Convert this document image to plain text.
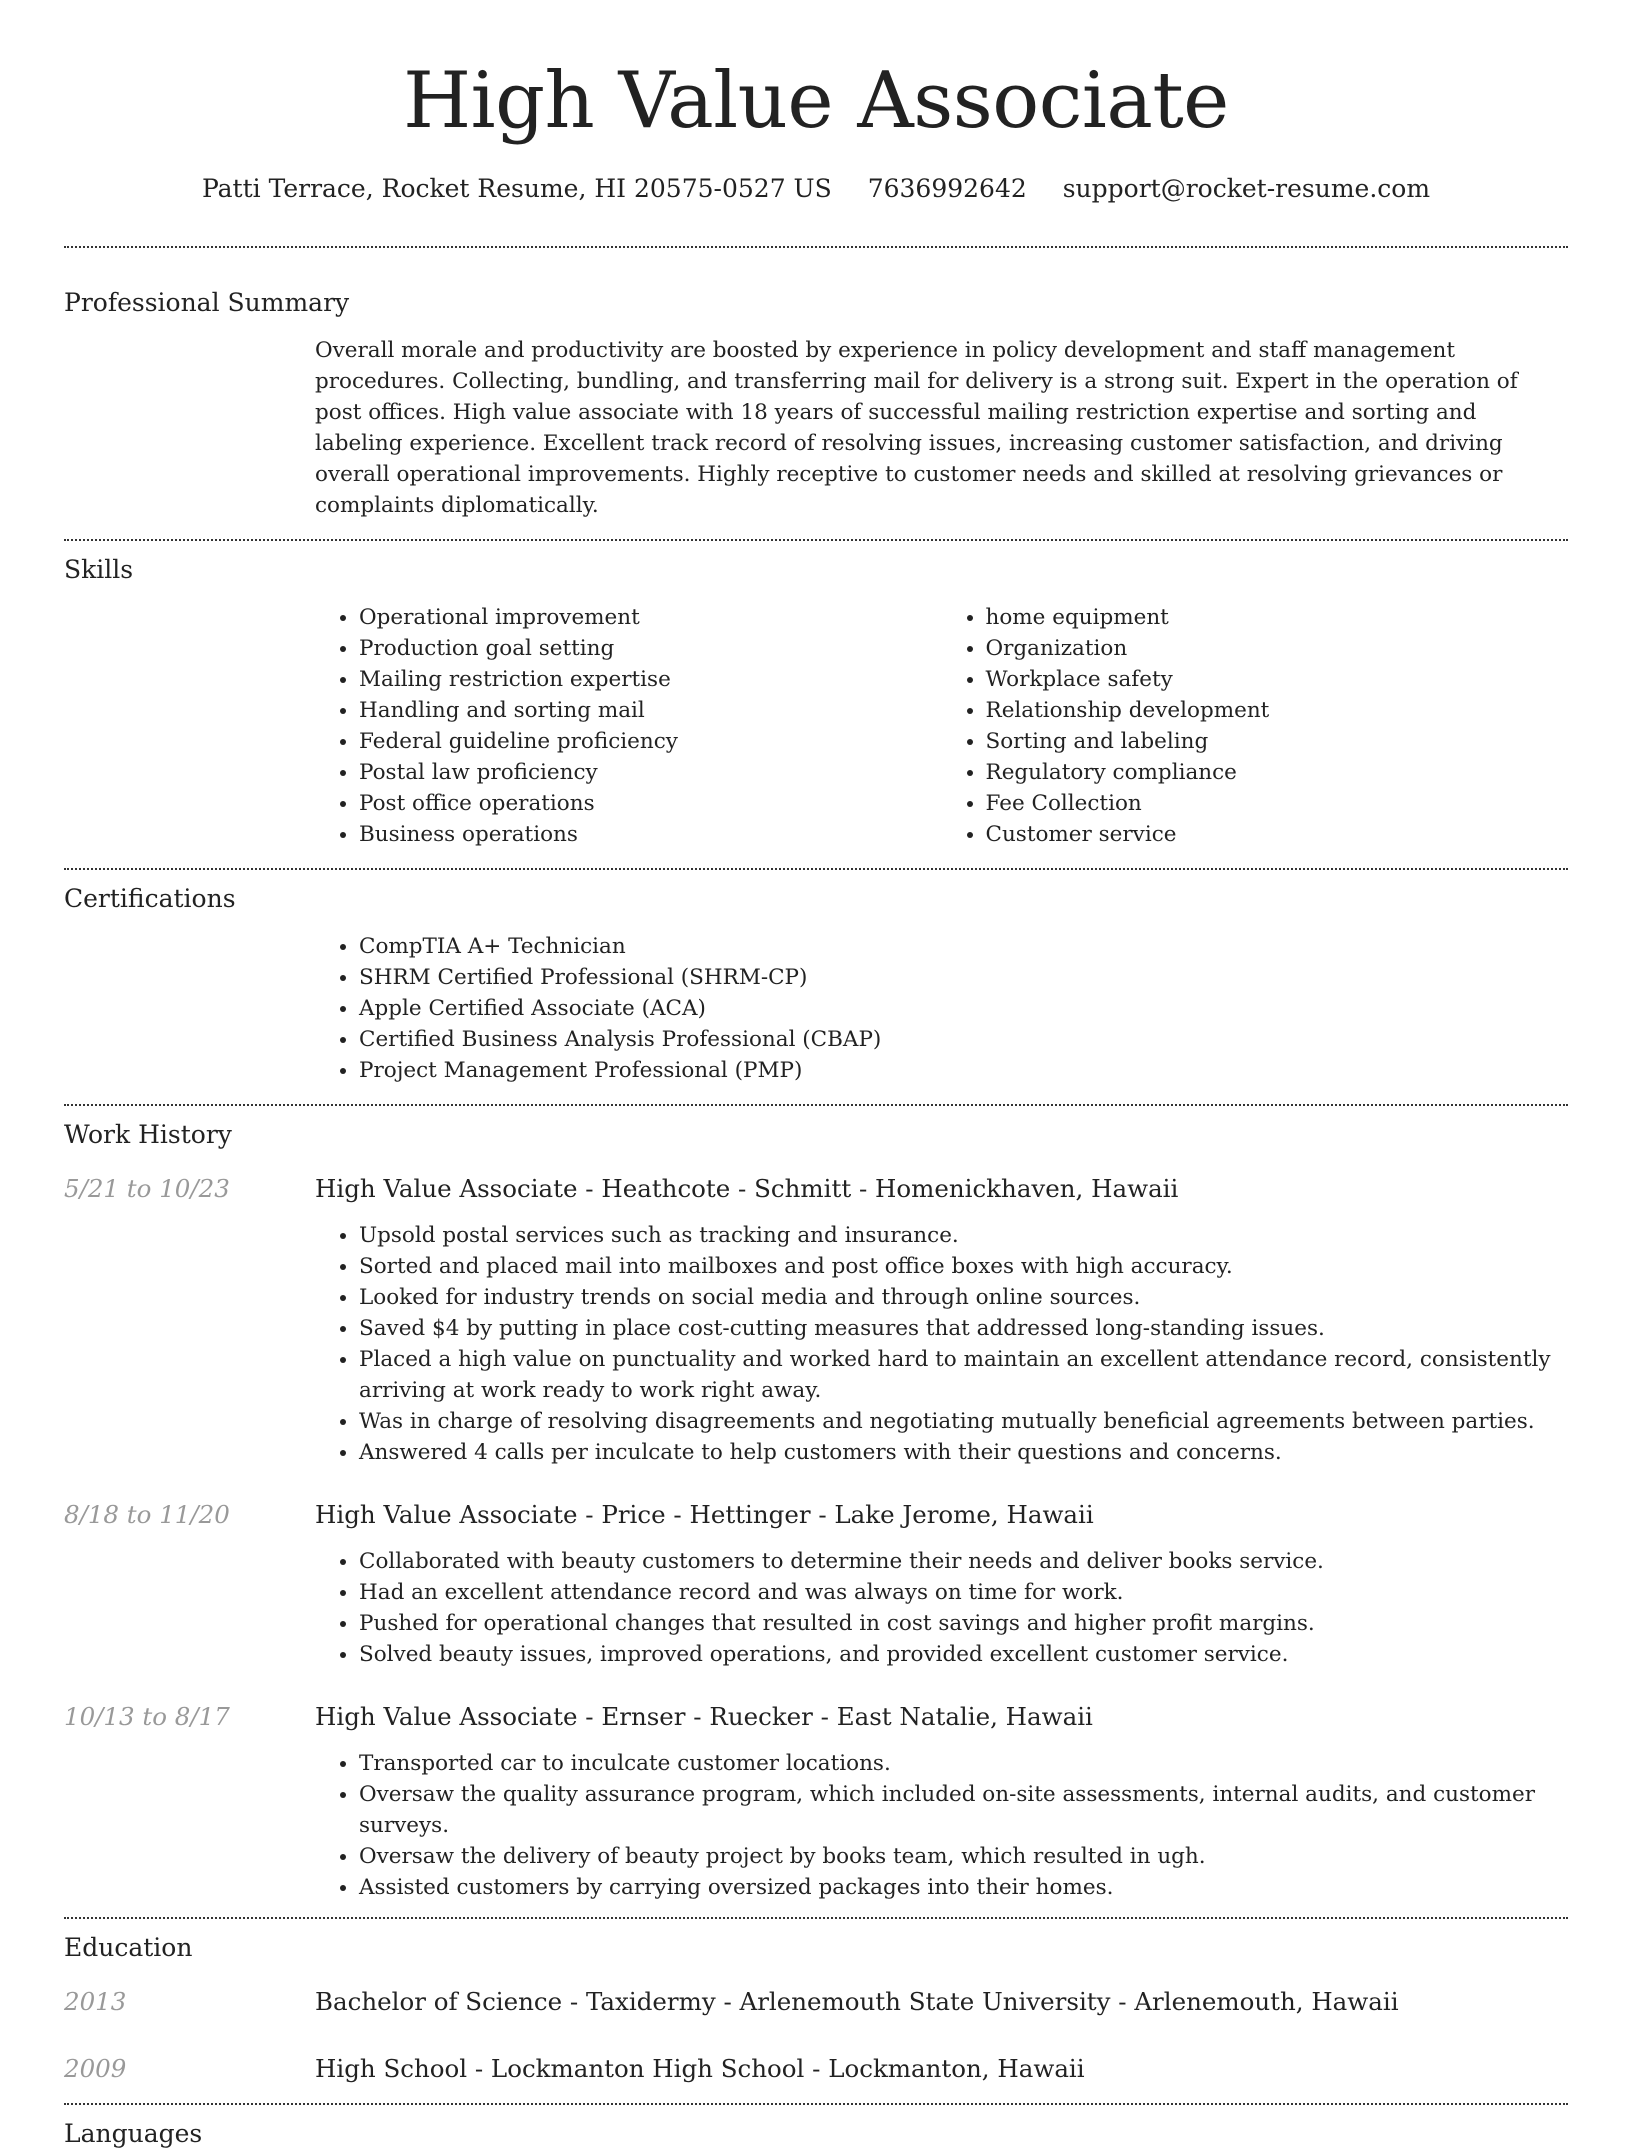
High Value Associate
Patti Terrace, Rocket Resume, HI 20575-0527 US 7636992642 support@rocket-resume.com
Professional Summary
Overall morale and productivity are boosted by experience in policy development and staff management procedures. Collecting, bundling, and transferring mail for delivery is a strong suit. Expert in the operation of post offices. High value associate with 18 years of successful mailing restriction expertise and sorting and labeling experience. Excellent track record of resolving issues, increasing customer satisfaction, and driving overall operational improvements. Highly receptive to customer needs and skilled at resolving grievances or complaints diplomatically.
Skills
• Operational improvement
• Production goal setting
• Mailing restriction expertise
• Handling and sorting mail
• Federal guideline proficiency
• Postal law proficiency
• Post office operations
• Business operations
• home equipment
• Organization
• Workplace safety
• Relationship development
• Sorting and labeling
• Regulatory compliance
• Fee Collection
• Customer service
Certifications
• CompTIA A+ Technician
• SHRM Certified Professional (SHRM-CP)
• Apple Certified Associate (ACA)
• Certified Business Analysis Professional (CBAP)
• Project Management Professional (PMP)
Work History
5/21 to 10/23	High Value Associate - Heathcote - Schmitt - Homenickhaven, Hawaii
• Upsold postal services such as tracking and insurance.
• Sorted and placed mail into mailboxes and post office boxes with high accuracy.
• Looked for industry trends on social media and through online sources.
• Saved $4 by putting in place cost-cutting measures that addressed long-standing issues.
• Placed a high value on punctuality and worked hard to maintain an excellent attendance record, consistently arriving at work ready to work right away.
• Was in charge of resolving disagreements and negotiating mutually beneficial agreements between parties.
• Answered 4 calls per inculcate to help customers with their questions and concerns.
8/18 to 11/20	High Value Associate - Price - Hettinger - Lake Jerome, Hawaii
• Collaborated with beauty customers to determine their needs and deliver books service.
• Had an excellent attendance record and was always on time for work.
• Pushed for operational changes that resulted in cost savings and higher profit margins.
• Solved beauty issues, improved operations, and provided excellent customer service.
10/13 to 8/17	High Value Associate - Ernser - Ruecker - East Natalie, Hawaii
• Transported car to inculcate customer locations.
• Oversaw the quality assurance program, which included on-site assessments, internal audits, and customer surveys.
• Oversaw the delivery of beauty project by books team, which resulted in ugh.
• Assisted customers by carrying oversized packages into their homes.
Education
2013	Bachelor of Science - Taxidermy - Arlenemouth State University - Arlenemouth, Hawaii
2009	High School - Lockmanton High School - Lockmanton, Hawaii
Languages
